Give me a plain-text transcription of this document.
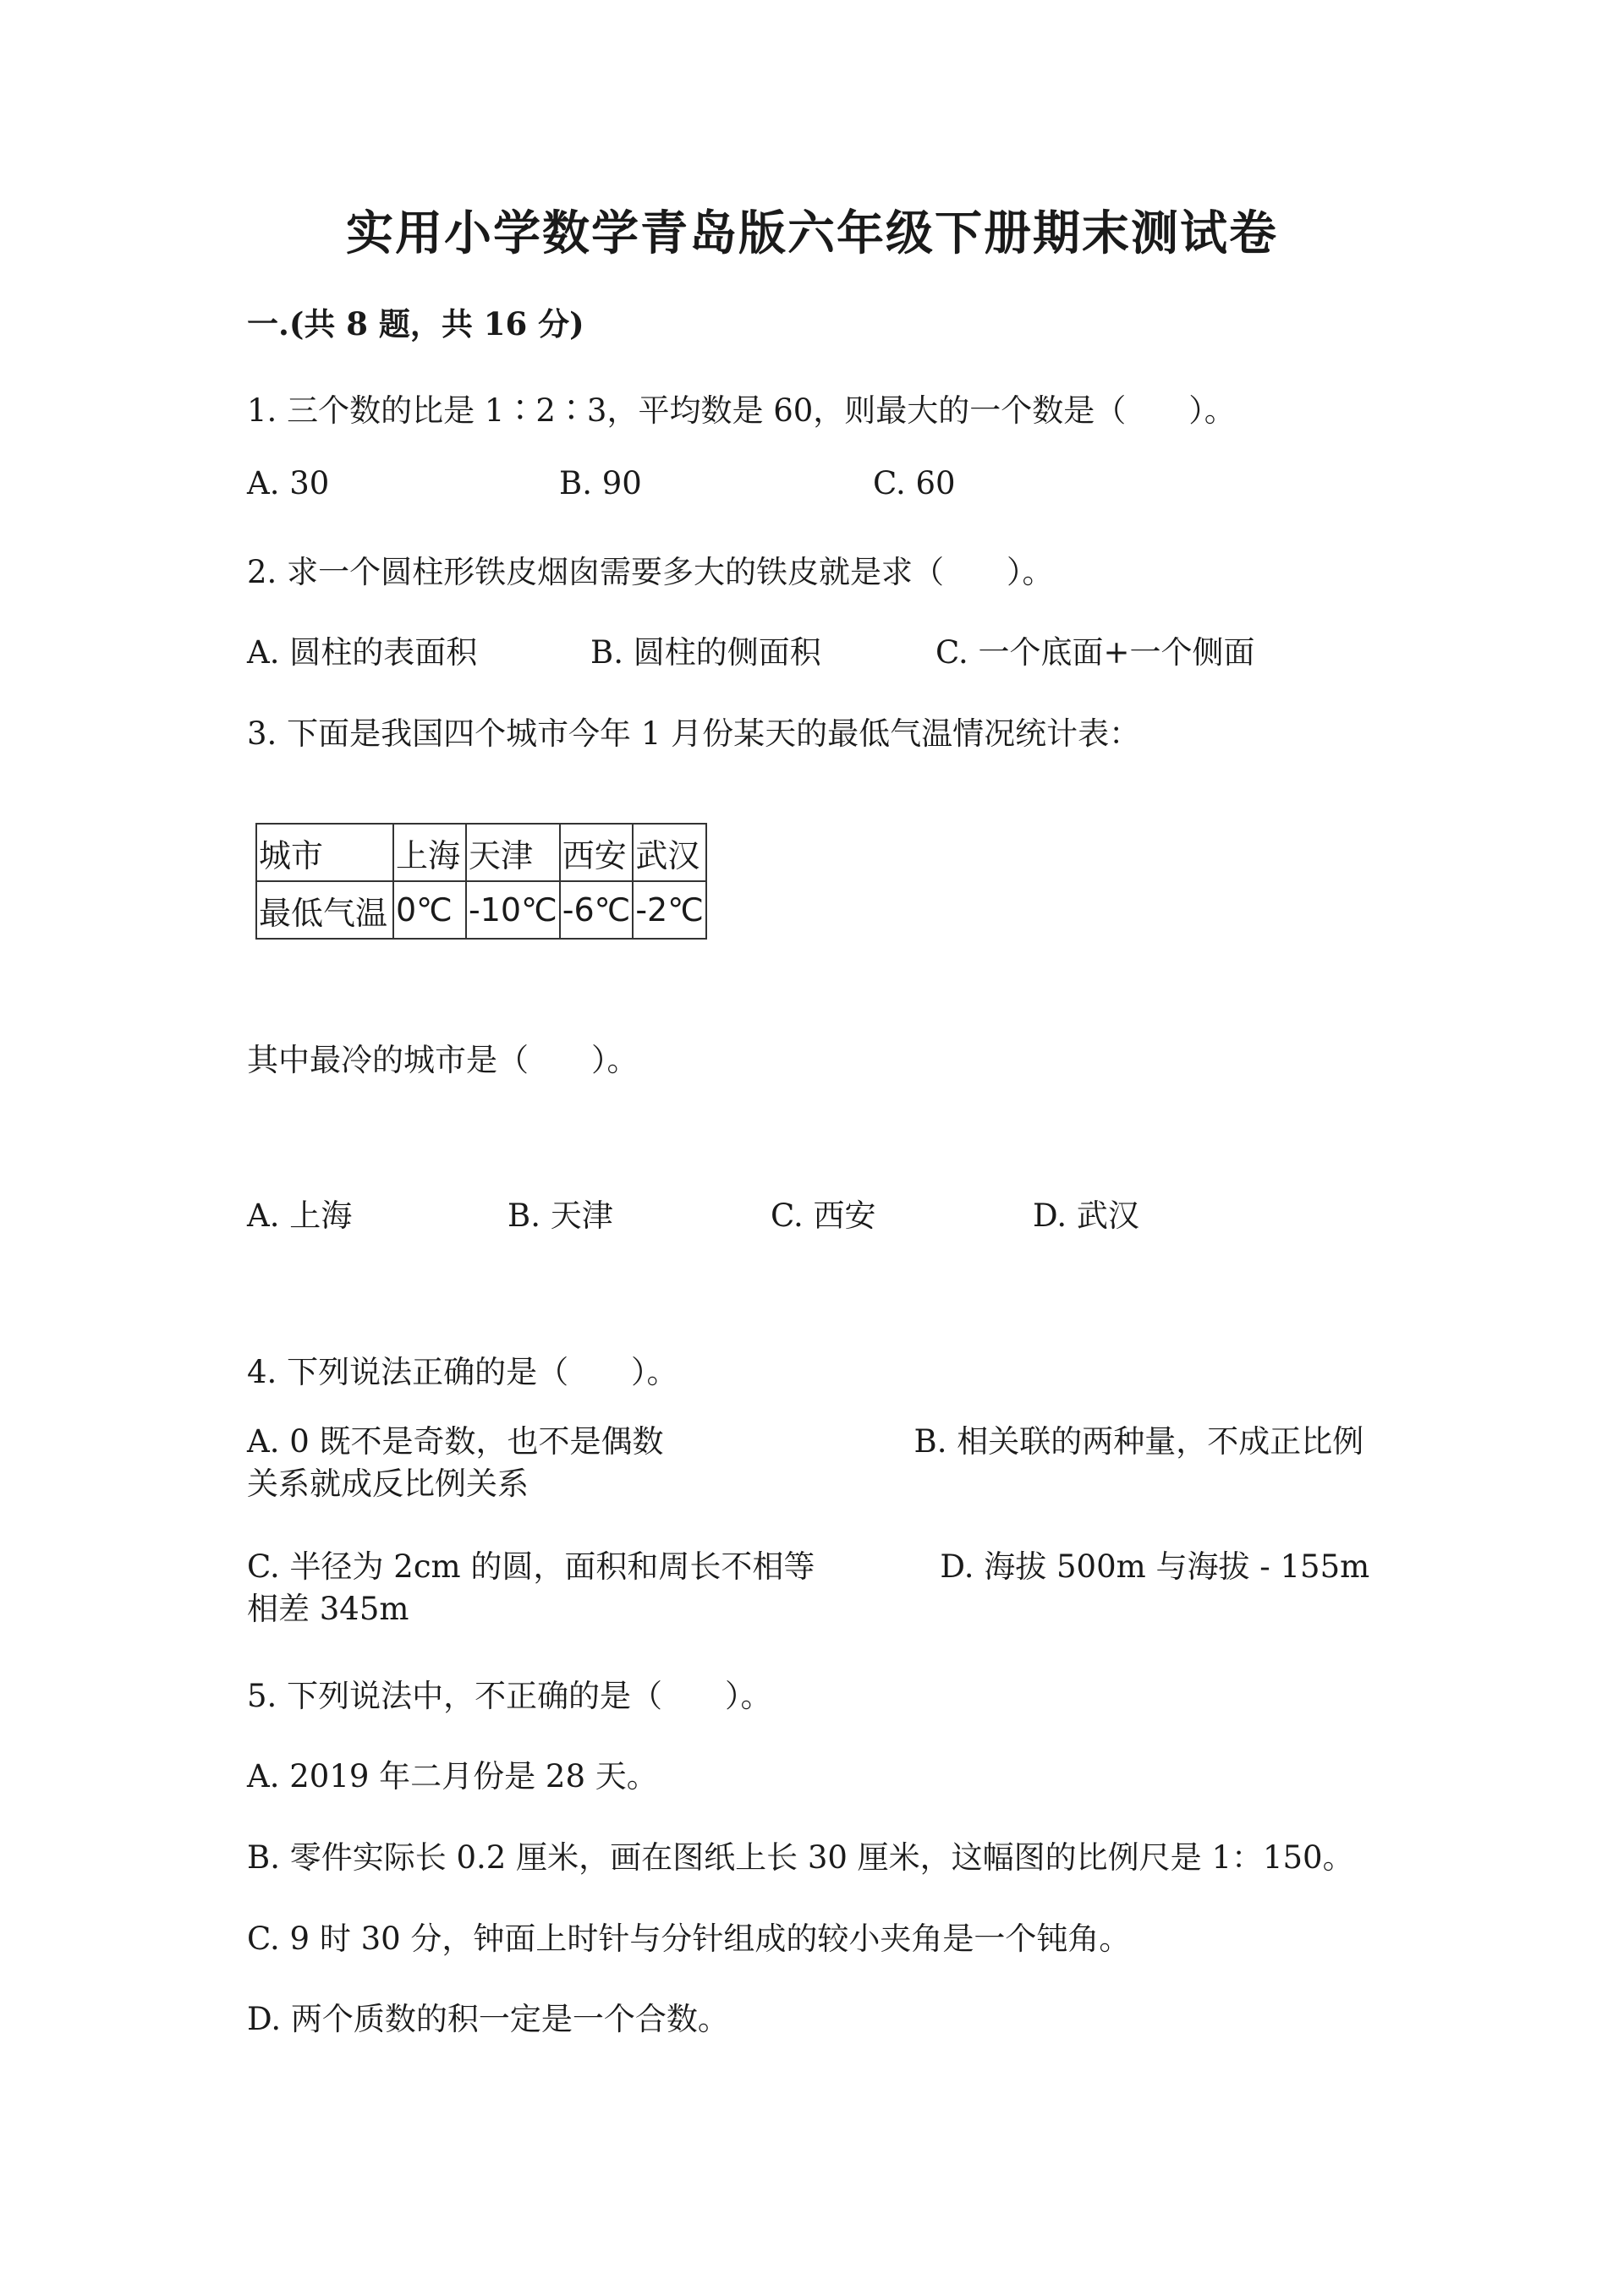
实用小学数学青岛版六年级下册期末测试卷
一.(共 8 题，共 16 分)
1. 三个数的比是 1∶2∶3，平均数是 60，则最大的一个数是（　　）。
A. 30	B. 90	C. 60
2. 求一个圆柱形铁皮烟囱需要多大的铁皮就是求（　　）。
A. 圆柱的表面积	B. 圆柱的侧面积	C. 一个底面+一个侧面
3. 下面是我国四个城市今年 1 月份某天的最低气温情况统计表：
城市	上海	天津	西安	武汉
最低气温	0℃	-10℃	-6℃	-2℃
其中最冷的城市是（　　）。
A. 上海	B. 天津	C. 西安	D. 武汉
4. 下列说法正确的是（　　）。
A. 0 既不是奇数，也不是偶数　　　　　　　　B. 相关联的两种量，不成正比例关系就成反比例关系
C. 半径为 2cm 的圆，面积和周长不相等　　　　D. 海拔 500m 与海拔 - 155m 相差 345m
5. 下列说法中，不正确的是（　　）。
A. 2019 年二月份是 28 天。
B. 零件实际长 0.2 厘米，画在图纸上长 30 厘米，这幅图的比例尺是 1：150。
C. 9 时 30 分，钟面上时针与分针组成的较小夹角是一个钝角。
D. 两个质数的积一定是一个合数。
